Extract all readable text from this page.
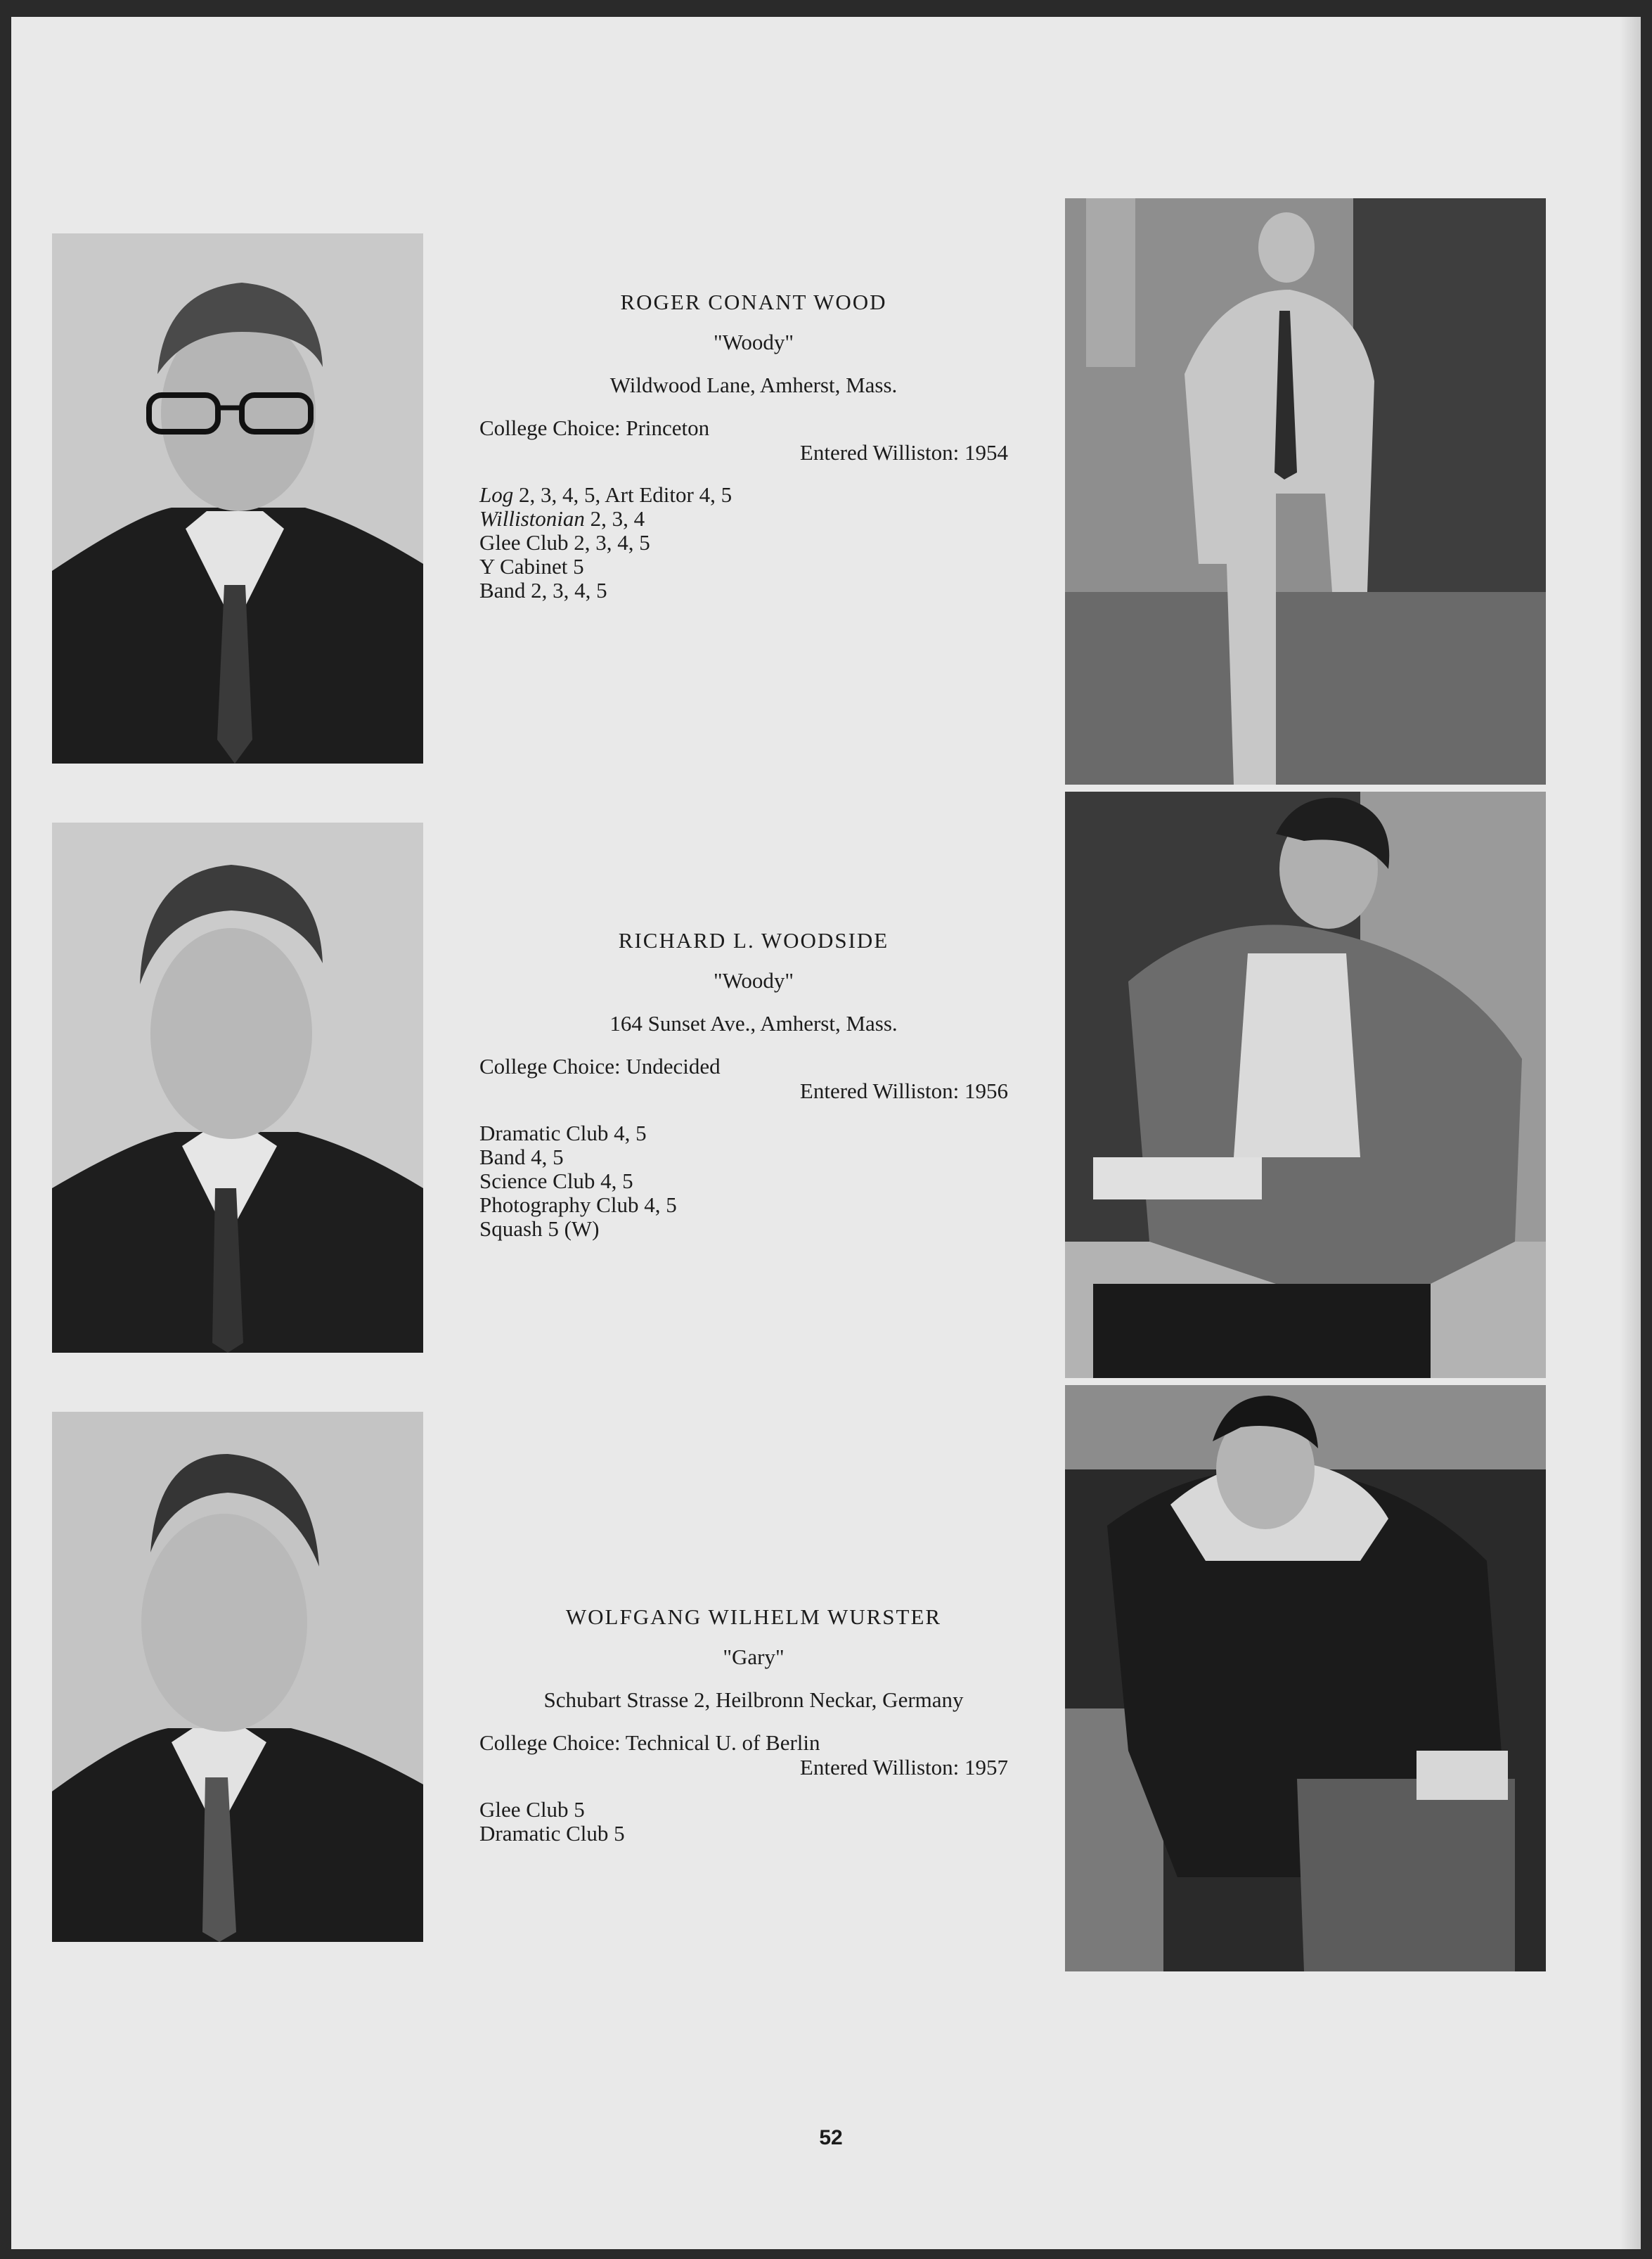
ROGER CONANT WOOD
"Woody"
Wildwood Lane, Amherst, Mass.
College Choice: Princeton
Entered Williston: 1954
Log 2, 3, 4, 5, Art Editor 4, 5
Willistonian 2, 3, 4
Glee Club 2, 3, 4, 5
Y Cabinet 5
Band 2, 3, 4, 5
RICHARD L. WOODSIDE
"Woody"
164 Sunset Ave., Amherst, Mass.
College Choice: Undecided
Entered Williston: 1956
Dramatic Club 4, 5
Band 4, 5
Science Club 4, 5
Photography Club 4, 5
Squash 5 (W)
WOLFGANG WILHELM WURSTER
"Gary"
Schubart Strasse 2, Heilbronn Neckar, Germany
College Choice: Technical U. of Berlin
Entered Williston: 1957
Glee Club 5
Dramatic Club 5
52
